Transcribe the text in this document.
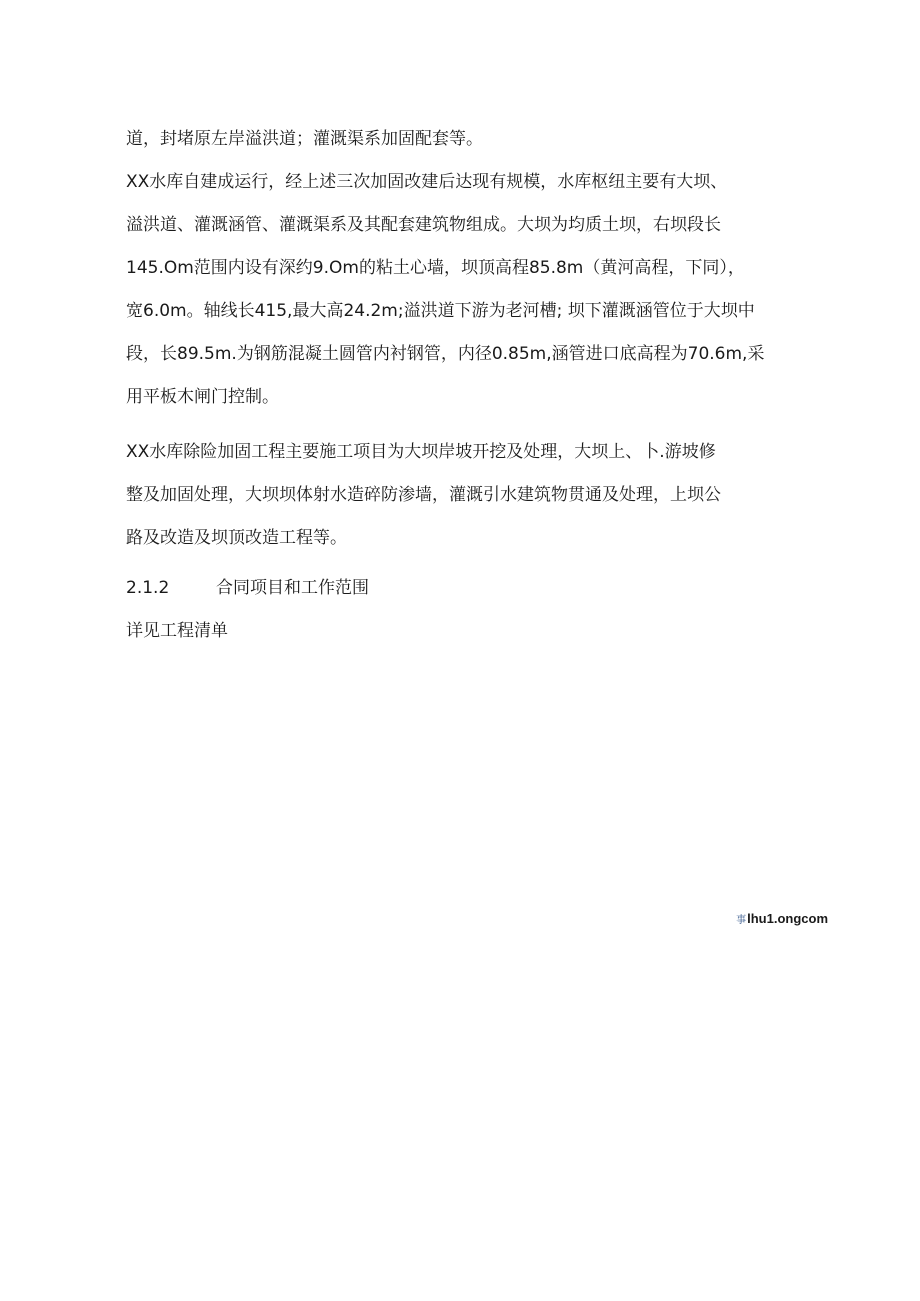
道，封堵原左岸溢洪道；灌溉渠系加固配套等。
XX水库自建成运行，经上述三次加固改建后达现有规模，水库枢纽主要有大坝、
溢洪道、灌溉涵管、灌溉渠系及其配套建筑物组成。大坝为均质土坝，右坝段长
145.Om范围内设有深约9.Om的粘土心墙，坝顶高程85.8m（黄河高程，下同），
宽6.0m。轴线长415,最大高24.2m;溢洪道下游为老河槽; 坝下灌溉涵管位于大坝中
段，长89.5m.为钢筋混凝土圆管内衬钢管，内径0.85m,涵管进口底高程为70.6m,采
用平板木闸门控制。
XX水库除险加固工程主要施工项目为大坝岸坡开挖及处理，大坝上、卜.游坡修
整及加固处理，大坝坝体射水造碎防渗墙，灌溉引水建筑物贯通及处理，上坝公
路及改造及坝顶改造工程等。
2.1.2	合同项目和工作范围
详见工程清单
事lhu1.ongcom
